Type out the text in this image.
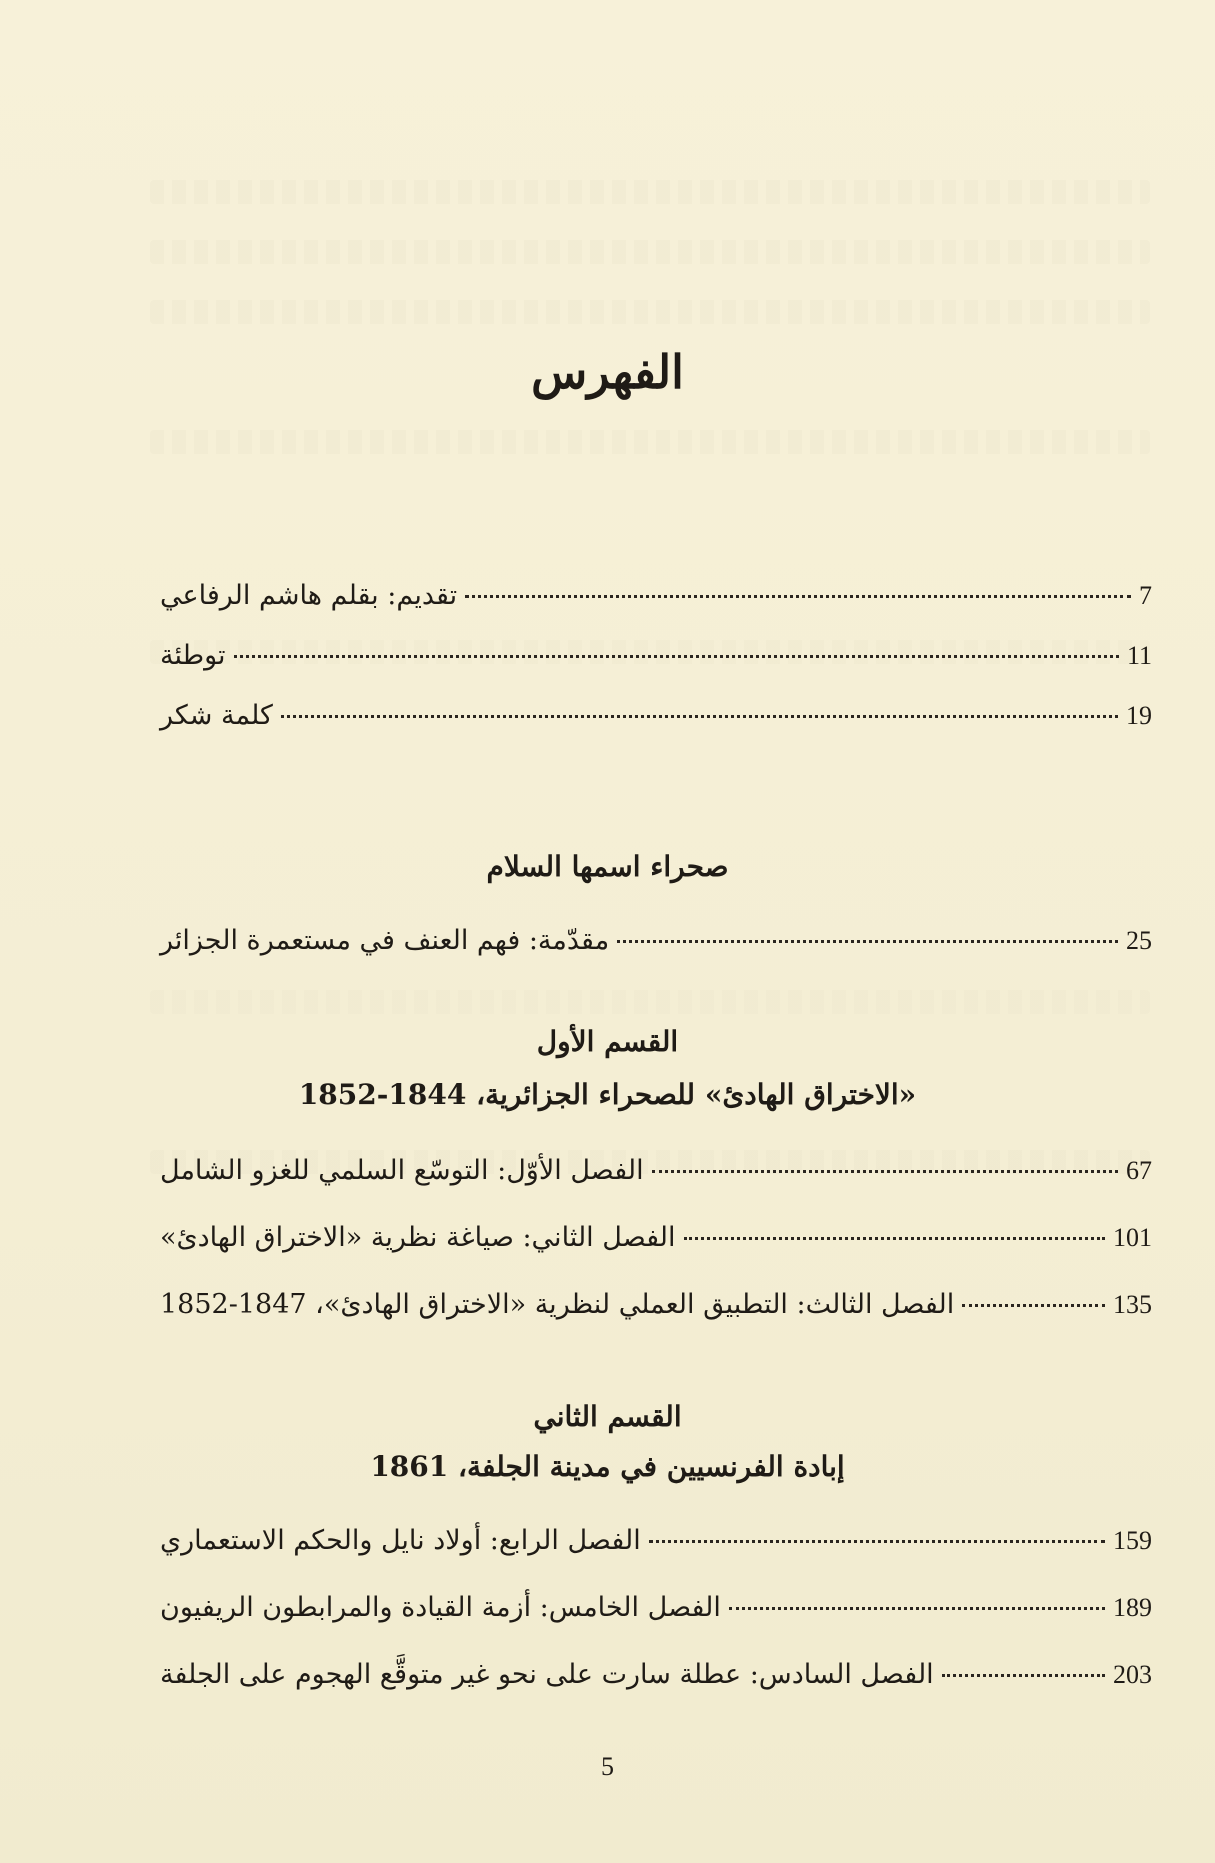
الفهرس
تقديم: بقلم هاشم الرفاعي	7
توطئة	11
كلمة شكر	19
صحراء اسمها السلام
مقدّمة: فهم العنف في مستعمرة الجزائر	25
القسم الأول
«الاختراق الهادئ» للصحراء الجزائرية، 1844-1852
الفصل الأوّل: التوسّع السلمي للغزو الشامل	67
الفصل الثاني: صياغة نظرية «الاختراق الهادئ»	101
الفصل الثالث: التطبيق العملي لنظرية «الاختراق الهادئ»، 1847-1852	135
القسم الثاني
إبادة الفرنسيين في مدينة الجلفة، 1861
الفصل الرابع: أولاد نايل والحكم الاستعماري	159
الفصل الخامس: أزمة القيادة والمرابطون الريفيون	189
الفصل السادس: عطلة سارت على نحو غير متوقَّع الهجوم على الجلفة	203
5
